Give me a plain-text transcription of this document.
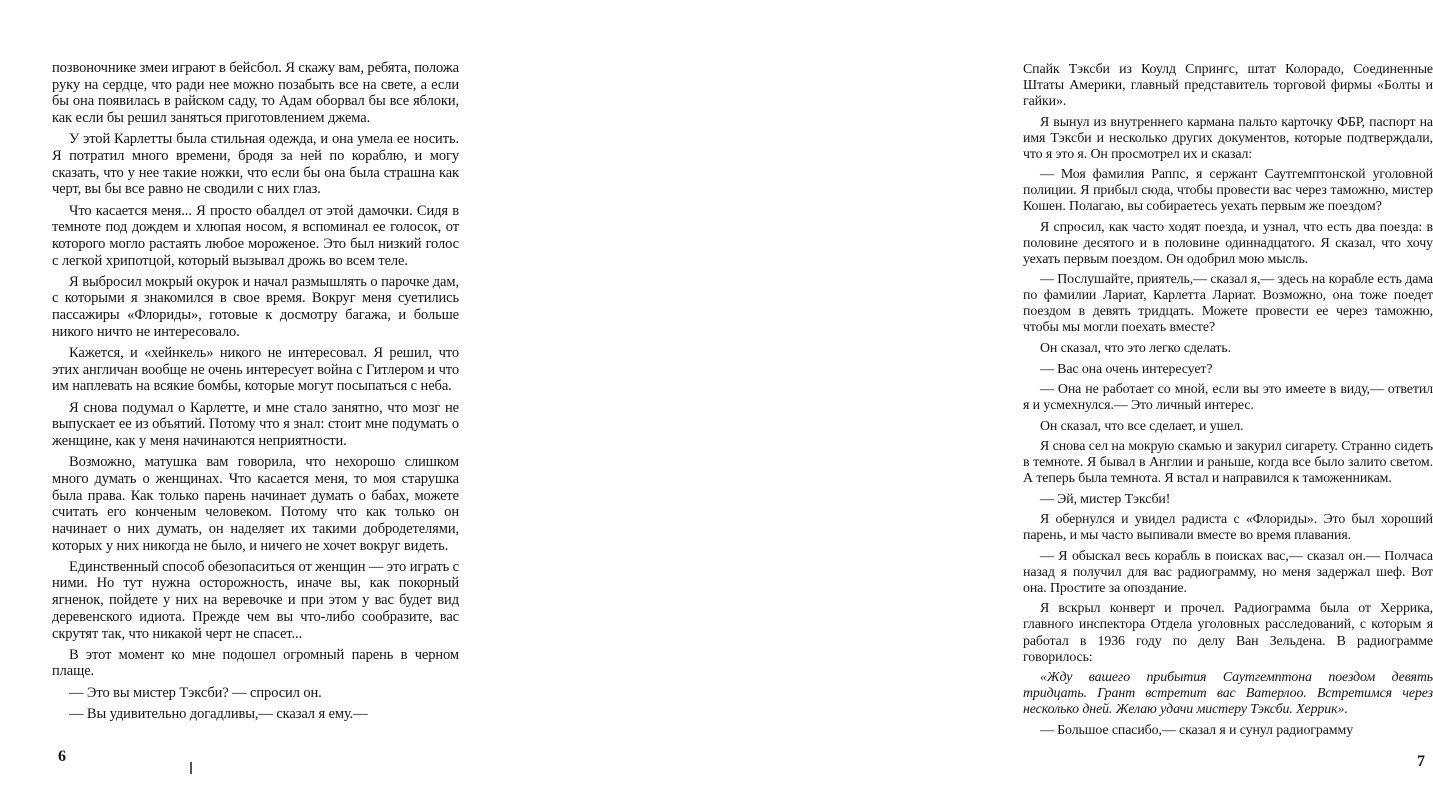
позвоночнике змеи играют в бейсбол. Я скажу вам, ребята, положа руку на сердце, что ради нее можно позабыть все на свете, а если бы она появилась в райском саду, то Адам оборвал бы все яблоки, как если бы решил заняться приготовлением джема.

У этой Карлетты была стильная одежда, и она умела ее носить. Я потратил много времени, бродя за ней по кораблю, и могу сказать, что у нее такие ножки, что если бы она была страшна как черт, вы бы все равно не сводили с них глаз.

Что касается меня... Я просто обалдел от этой дамочки. Сидя в темноте под дождем и хлюпая носом, я вспоминал ее голосок, от которого могло растаять любое мороженое. Это был низкий голос с легкой хрипотцой, который вызывал дрожь во всем теле.

Я выбросил мокрый окурок и начал размышлять о парочке дам, с которыми я знакомился в свое время. Вокруг меня суетились пассажиры «Флориды», готовые к досмотру багажа, и больше никого ничто не интересовало.

Кажется, и «хейнкель» никого не интересовал. Я решил, что этих англичан вообще не очень интересует война с Гитлером и что им наплевать на всякие бомбы, которые могут посыпаться с неба.

Я снова подумал о Карлетте, и мне стало занятно, что мозг не выпускает ее из объятий. Потому что я знал: стоит мне подумать о женщине, как у меня начинаются неприятности.

Возможно, матушка вам говорила, что нехорошо слишком много думать о женщинах. Что касается меня, то моя старушка была права. Как только парень начинает думать о бабах, можете считать его конченым человеком. Потому что как только он начинает о них думать, он наделяет их такими добродетелями, которых у них никогда не было, и ничего не хочет вокруг видеть.

Единственный способ обезопаситься от женщин — это играть с ними. Но тут нужна осторожность, иначе вы, как покорный ягненок, пойдете у них на веревочке и при этом у вас будет вид деревенского идиота. Прежде чем вы что-либо сообразите, вас скрутят так, что никакой черт не спасет...

В этот момент ко мне подошел огромный парень в черном плаще.

— Это вы мистер Тэксби? — спросил он.

— Вы удивительно догадливы,— сказал я ему.—

6

Спайк Тэксби из Коулд Спрингс, штат Колорадо, Соединенные Штаты Америки, главный представитель торговой фирмы «Болты и гайки».

Я вынул из внутреннего кармана пальто карточку ФБР, паспорт на имя Тэксби и несколько других документов, которые подтверждали, что я это я. Он просмотрел их и сказал:

— Моя фамилия Раппс, я сержант Саутгемптонской уголовной полиции. Я прибыл сюда, чтобы провести вас через таможню, мистер Кошен. Полагаю, вы собираетесь уехать первым же поездом?

Я спросил, как часто ходят поезда, и узнал, что есть два поезда: в половине десятого и в половине одиннадцатого. Я сказал, что хочу уехать первым поездом. Он одобрил мою мысль.

— Послушайте, приятель,— сказал я,— здесь на корабле есть дама по фамилии Лариат, Карлетта Лариат. Возможно, она тоже поедет поездом в девять тридцать. Можете провести ее через таможню, чтобы мы могли поехать вместе?

Он сказал, что это легко сделать.

— Вас она очень интересует?

— Она не работает со мной, если вы это имеете в виду,— ответил я и усмехнулся.— Это личный интерес.

Он сказал, что все сделает, и ушел.

Я снова сел на мокрую скамью и закурил сигарету. Странно сидеть в темноте. Я бывал в Англии и раньше, когда все было залито светом. А теперь была темнота. Я встал и направился к таможенникам.

— Эй, мистер Тэксби!

Я обернулся и увидел радиста с «Флориды». Это был хороший парень, и мы часто выпивали вместе во время плавания.

— Я обыскал весь корабль в поисках вас,— сказал он.— Полчаса назад я получил для вас радиограмму, но меня задержал шеф. Вот она. Простите за опоздание.

Я вскрыл конверт и прочел. Радиограмма была от Херрика, главного инспектора Отдела уголовных расследований, с которым я работал в 1936 году по делу Ван Зельдена. В радиограмме говорилось:

«Жду вашего прибытия Саутгемптона поездом девять тридцать. Грант встретит вас Ватерлоо. Встретимся через несколько дней. Желаю удачи мистеру Тэксби. Херрик».

— Большое спасибо,— сказал я и сунул радиограмму

7
